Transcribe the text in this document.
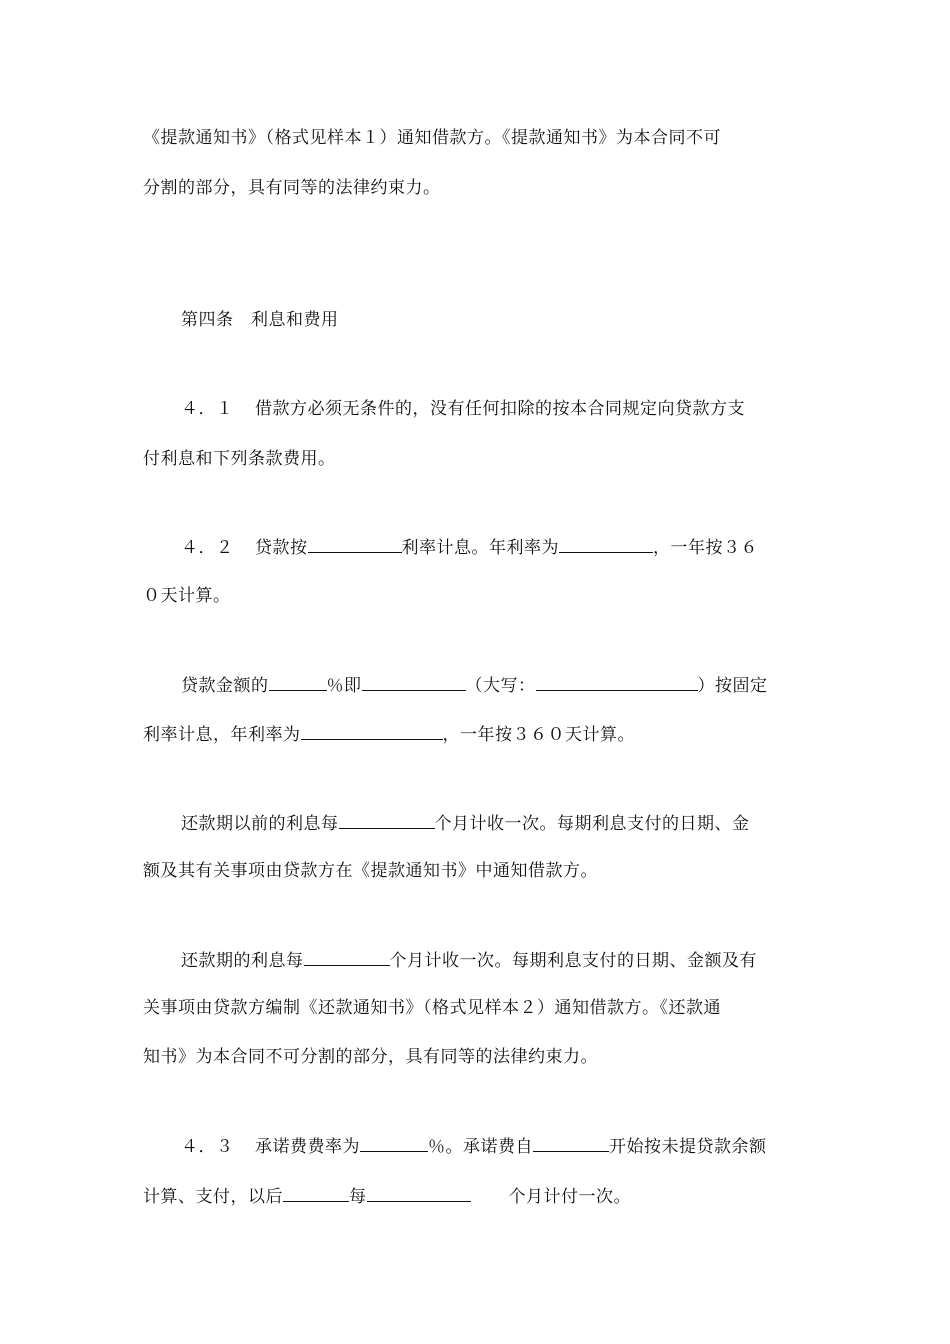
《提款通知书》（格式见样本１）通知借款方。《提款通知书》为本合同不可
分割的部分，具有同等的法律约束力。
第四条　利息和费用
４．１ 借款方必须无条件的，没有任何扣除的按本合同规定向贷款方支
付利息和下列条款费用。
４．２ 贷款按	利率计息。年利率为	，一年按３６
０天计算。
贷款金额的	％即	（大写：	）按固定
利率计息，年利率为	，一年按３６０天计算。
还款期以前的利息每	个月计收一次。每期利息支付的日期、金
额及其有关事项由贷款方在《提款通知书》中通知借款方。
还款期的利息每	个月计收一次。每期利息支付的日期、金额及有
关事项由贷款方编制《还款通知书》（格式见样本２）通知借款方。《还款通
知书》为本合同不可分割的部分，具有同等的法律约束力。
４．３ 承诺费费率为	％。承诺费自	开始按未提贷款余额
计算、支付，以后	每	个月计付一次。
